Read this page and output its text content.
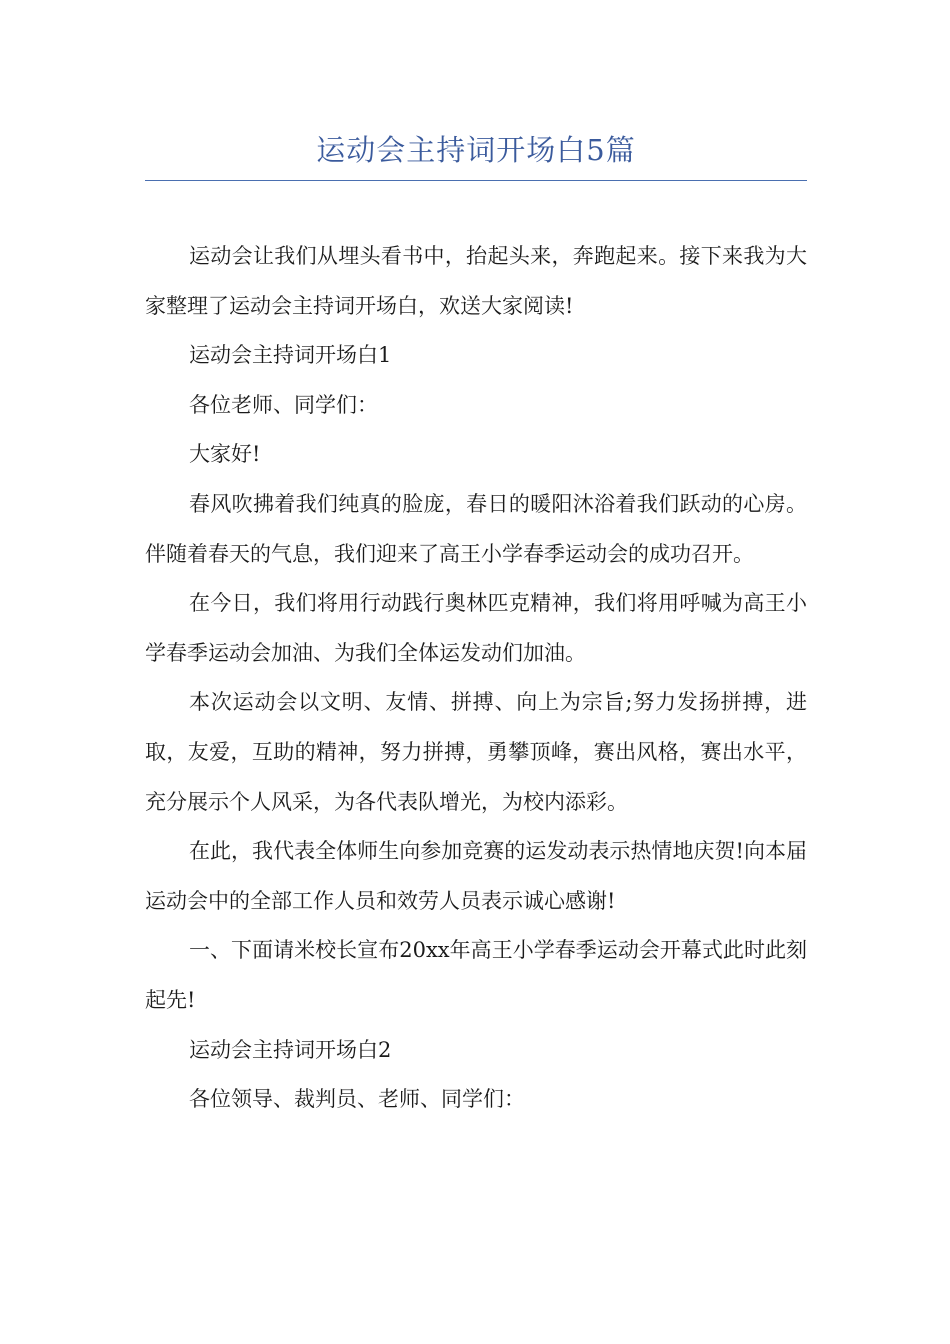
运动会主持词开场白5篇

运动会让我们从埋头看书中，抬起头来，奔跑起来。接下来我为大家整理了运动会主持词开场白，欢送大家阅读!

运动会主持词开场白1

各位老师、同学们：

大家好!

春风吹拂着我们纯真的脸庞，春日的暖阳沐浴着我们跃动的心房。伴随着春天的气息，我们迎来了高王小学春季运动会的成功召开。

在今日，我们将用行动践行奥林匹克精神，我们将用呼喊为高王小学春季运动会加油、为我们全体运发动们加油。

本次运动会以文明、友情、拼搏、向上为宗旨;努力发扬拼搏，进取，友爱，互助的精神，努力拼搏，勇攀顶峰，赛出风格，赛出水平，充分展示个人风采，为各代表队增光，为校内添彩。

在此，我代表全体师生向参加竞赛的运发动表示热情地庆贺!向本届运动会中的全部工作人员和效劳人员表示诚心感谢!

一、下面请米校长宣布20xx年高王小学春季运动会开幕式此时此刻起先!

运动会主持词开场白2

各位领导、裁判员、老师、同学们：
